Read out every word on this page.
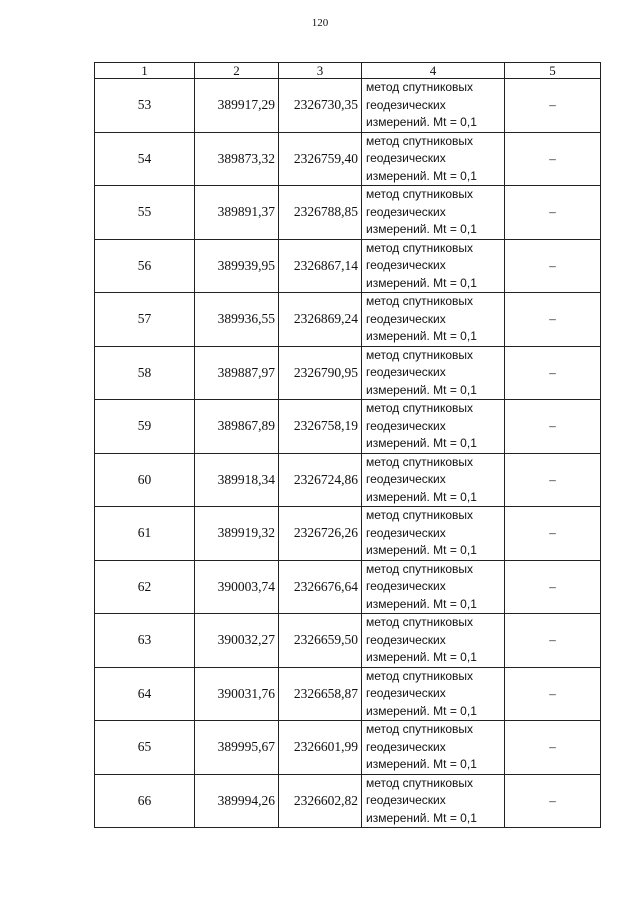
120
1	2	3	4	5
53	389917,29	2326730,35	метод спутниковых
геодезических
измерений. Mt = 0,1	–
54	389873,32	2326759,40	метод спутниковых
геодезических
измерений. Mt = 0,1	–
55	389891,37	2326788,85	метод спутниковых
геодезических
измерений. Mt = 0,1	–
56	389939,95	2326867,14	метод спутниковых
геодезических
измерений. Mt = 0,1	–
57	389936,55	2326869,24	метод спутниковых
геодезических
измерений. Mt = 0,1	–
58	389887,97	2326790,95	метод спутниковых
геодезических
измерений. Mt = 0,1	–
59	389867,89	2326758,19	метод спутниковых
геодезических
измерений. Mt = 0,1	–
60	389918,34	2326724,86	метод спутниковых
геодезических
измерений. Mt = 0,1	–
61	389919,32	2326726,26	метод спутниковых
геодезических
измерений. Mt = 0,1	–
62	390003,74	2326676,64	метод спутниковых
геодезических
измерений. Mt = 0,1	–
63	390032,27	2326659,50	метод спутниковых
геодезических
измерений. Mt = 0,1	–
64	390031,76	2326658,87	метод спутниковых
геодезических
измерений. Mt = 0,1	–
65	389995,67	2326601,99	метод спутниковых
геодезических
измерений. Mt = 0,1	–
66	389994,26	2326602,82	метод спутниковых
геодезических
измерений. Mt = 0,1	–
